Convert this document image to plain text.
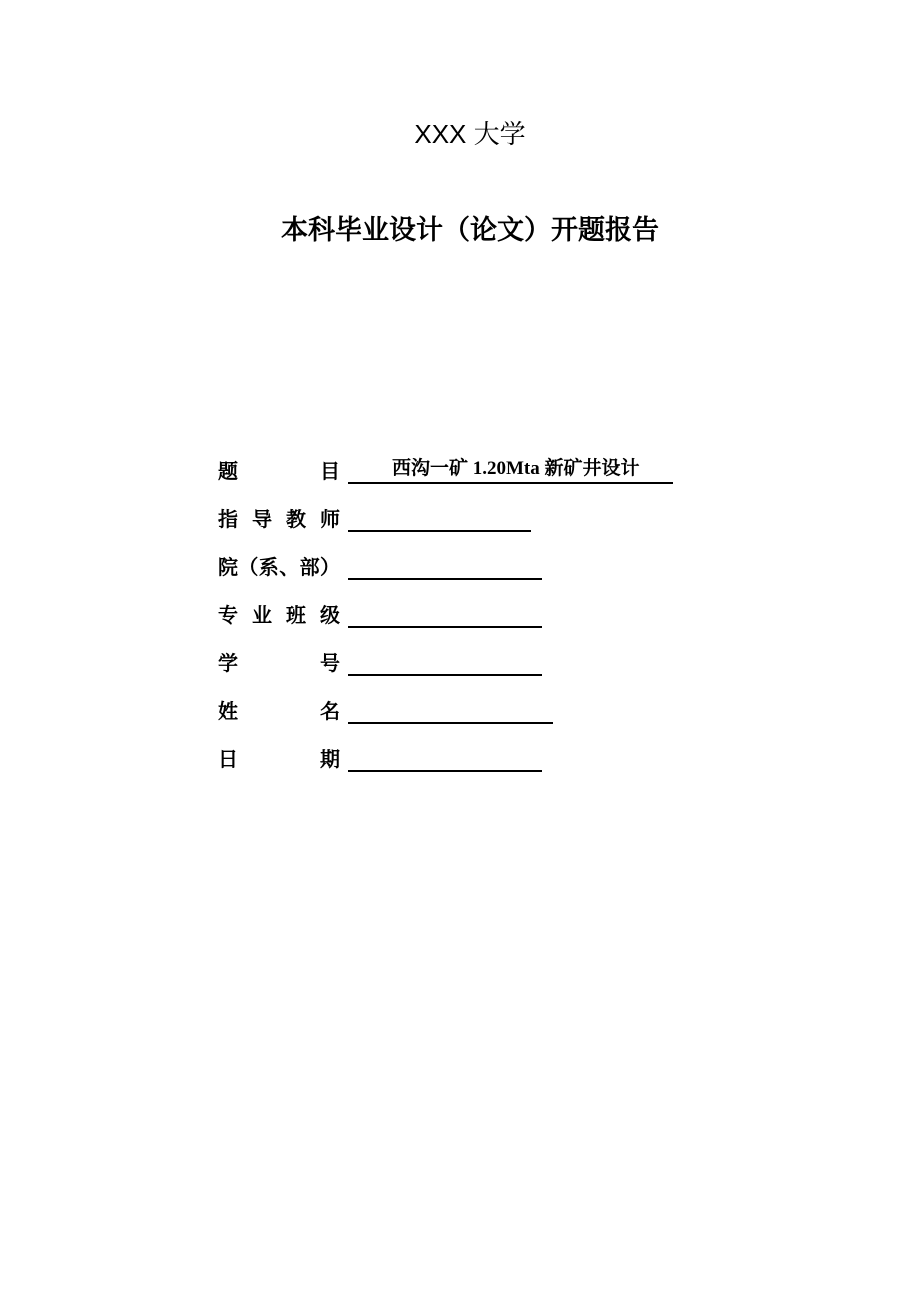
XXX 大学
本科毕业设计（论文）开题报告
题　　目	西沟一矿 1.20Mta 新矿井设计
指 导 教 师
院（系、部）
专 业 班 级
学　　号
姓　　名
日　　期
